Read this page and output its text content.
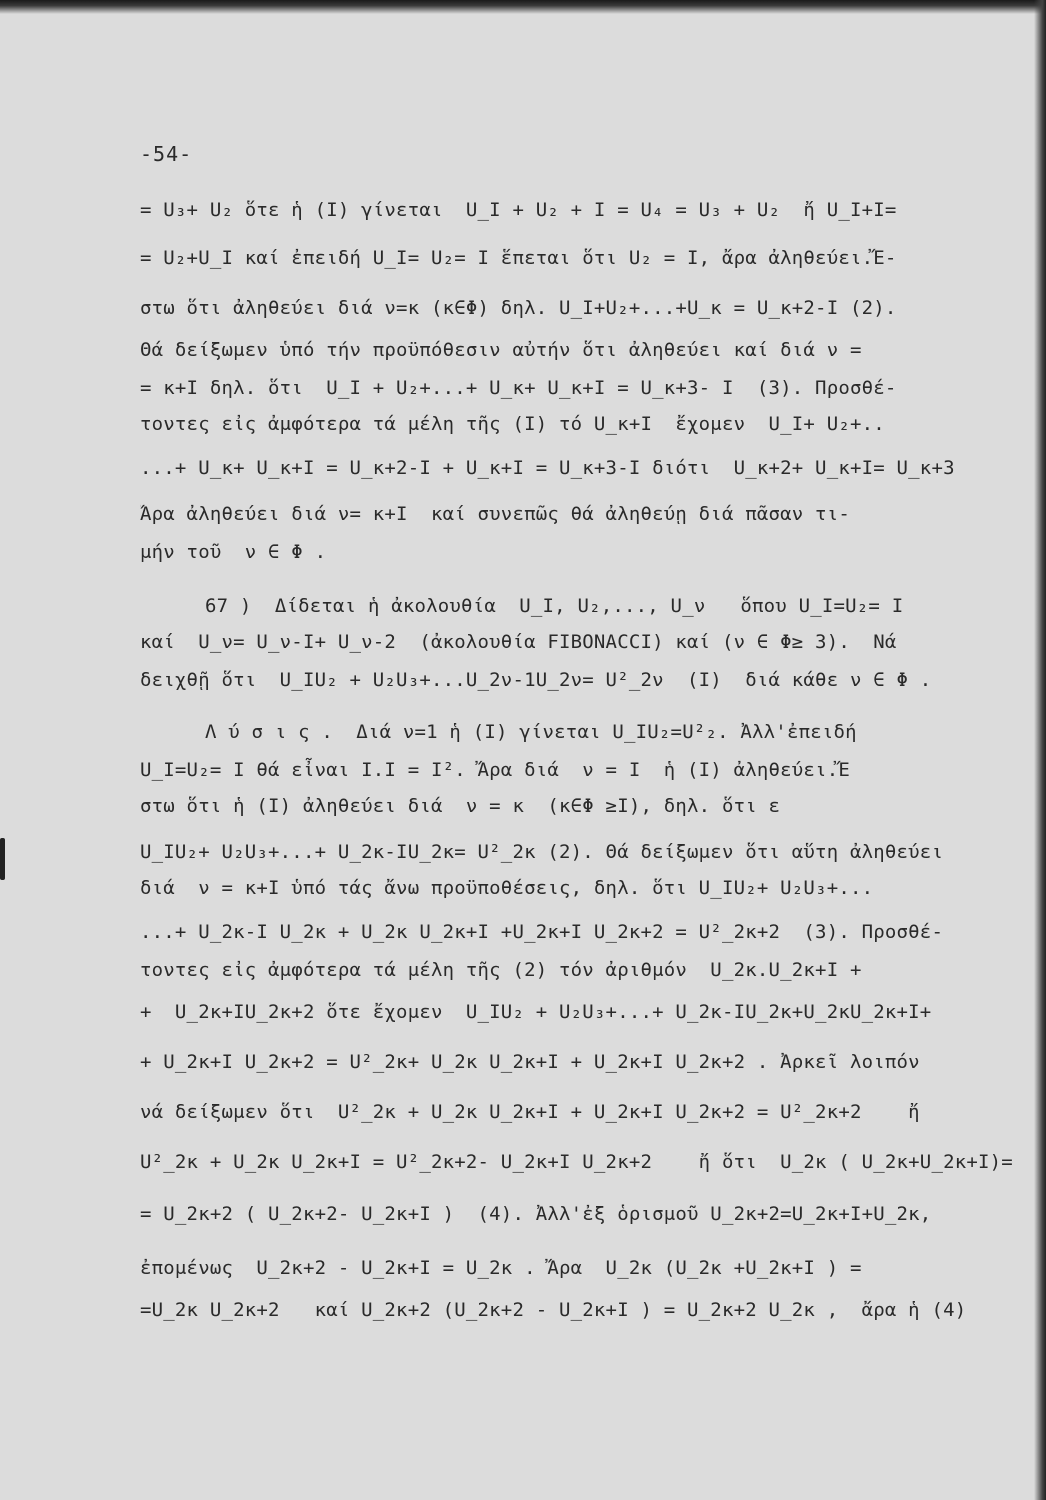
-54-
= U₃+ U₂ ὅτε ἡ (I) γίνεται  U_I + U₂ + I = U₄ = U₃ + U₂  ἤ U_I+I=
= U₂+U_I καί ἐπειδή U_I= U₂= I ἕπεται ὅτι U₂ = I, ἄρα ἀληθεύει.Ἔ-
στω ὅτι ἀληθεύει διά ν=κ (κ∈Φ) δηλ. U_I+U₂+...+U_κ = U_κ+2-I (2).
Θά δείξωμεν ὑπό τήν προϋπόθεσιν αὐτήν ὅτι ἀληθεύει καί διά ν =
= κ+I δηλ. ὅτι  U_I + U₂+...+ U_κ+ U_κ+I = U_κ+3- I  (3). Προσθέ-
τοντες εἰς ἀμφότερα τά μέλη τῆς (I) τό U_κ+I  ἔχομεν  U_I+ U₂+..
...+ U_κ+ U_κ+I = U_κ+2-I + U_κ+I = U_κ+3-I διότι  U_κ+2+ U_κ+I= U_κ+3
Ἄρα ἀληθεύει διά ν= κ+I  καί συνεπῶς θά ἀληθεύῃ διά πᾶσαν τι-
μήν τοῦ  ν ∈ Φ .
67 )  Δίδεται ἡ ἀκολουθία  U_I, U₂,..., U_ν   ὅπου U_I=U₂= I
καί  U_ν= U_ν-I+ U_ν-2  (ἀκολουθία FIBONACCI) καί (ν ∈ Φ≥ 3).  Νά
δειχθῇ ὅτι  U_IU₂ + U₂U₃+...U_2ν-1U_2ν= U²_2ν  (I)  διά κάθε ν ∈ Φ .
Λ ύ σ ι ς .  Διά ν=1 ἡ (I) γίνεται U_IU₂=U²₂. Ἀλλ'ἐπειδή
U_I=U₂= I θά εἶναι I.I = I². Ἄρα διά  ν = I  ἡ (I) ἀληθεύει.Ἔ
στω ὅτι ἡ (I) ἀληθεύει διά  ν = κ  (κ∈Φ ≥I), δηλ. ὅτι ε
U_IU₂+ U₂U₃+...+ U_2κ-IU_2κ= U²_2κ (2). Θά δείξωμεν ὅτι αὕτη ἀληθεύει
διά  ν = κ+I ὑπό τάς ἄνω προϋποθέσεις, δηλ. ὅτι U_IU₂+ U₂U₃+...
...+ U_2κ-I U_2κ + U_2κ U_2κ+I +U_2κ+I U_2κ+2 = U²_2κ+2  (3). Προσθέ-
τοντες εἰς ἀμφότερα τά μέλη τῆς (2) τόν ἀριθμόν  U_2κ.U_2κ+I +
+  U_2κ+IU_2κ+2 ὅτε ἔχομεν  U_IU₂ + U₂U₃+...+ U_2κ-IU_2κ+U_2κU_2κ+I+
+ U_2κ+I U_2κ+2 = U²_2κ+ U_2κ U_2κ+I + U_2κ+I U_2κ+2 . Ἀρκεῖ λοιπόν
νά δείξωμεν ὅτι  U²_2κ + U_2κ U_2κ+I + U_2κ+I U_2κ+2 = U²_2κ+2    ἤ
U²_2κ + U_2κ U_2κ+I = U²_2κ+2- U_2κ+I U_2κ+2    ἤ ὅτι  U_2κ ( U_2κ+U_2κ+I)=
= U_2κ+2 ( U_2κ+2- U_2κ+I )  (4). Ἀλλ'ἐξ ὁρισμοῦ U_2κ+2=U_2κ+I+U_2κ,
ἐπομένως  U_2κ+2 - U_2κ+I = U_2κ . Ἄρα  U_2κ (U_2κ +U_2κ+I ) =
=U_2κ U_2κ+2   καί U_2κ+2 (U_2κ+2 - U_2κ+I ) = U_2κ+2 U_2κ ,  ἄρα ἡ (4)
